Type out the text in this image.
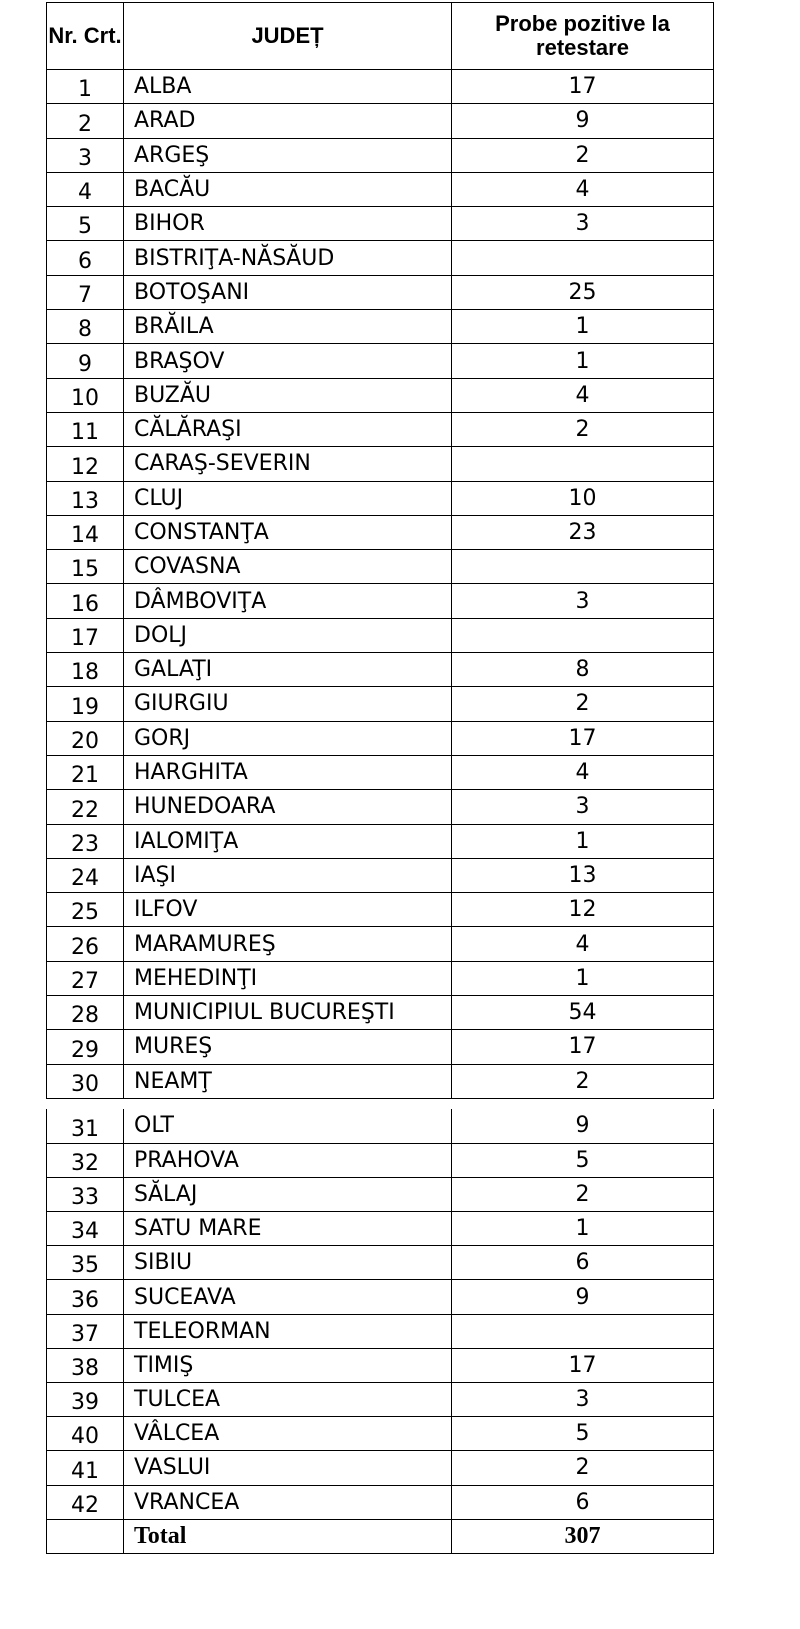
Nr. Crt.	JUDEȚ	Probe pozitive la retestare
1	ALBA	17
2	ARAD	9
3	ARGEŞ	2
4	BACĂU	4
5	BIHOR	3
6	BISTRIŢA-NĂSĂUD	
7	BOTOŞANI	25
8	BRĂILA	1
9	BRAŞOV	1
10	BUZĂU	4
11	CĂLĂRAŞI	2
12	CARAŞ-SEVERIN	
13	CLUJ	10
14	CONSTANŢA	23
15	COVASNA	
16	DÂMBOVIŢA	3
17	DOLJ	
18	GALAŢI	8
19	GIURGIU	2
20	GORJ	17
21	HARGHITA	4
22	HUNEDOARA	3
23	IALOMIŢA	1
24	IAŞI	13
25	ILFOV	12
26	MARAMUREŞ	4
27	MEHEDINŢI	1
28	MUNICIPIUL BUCUREŞTI	54
29	MUREŞ	17
30	NEAMŢ	2
31	OLT	9
32	PRAHOVA	5
33	SĂLAJ	2
34	SATU MARE	1
35	SIBIU	6
36	SUCEAVA	9
37	TELEORMAN	
38	TIMIŞ	17
39	TULCEA	3
40	VÂLCEA	5
41	VASLUI	2
42	VRANCEA	6
	Total	307
